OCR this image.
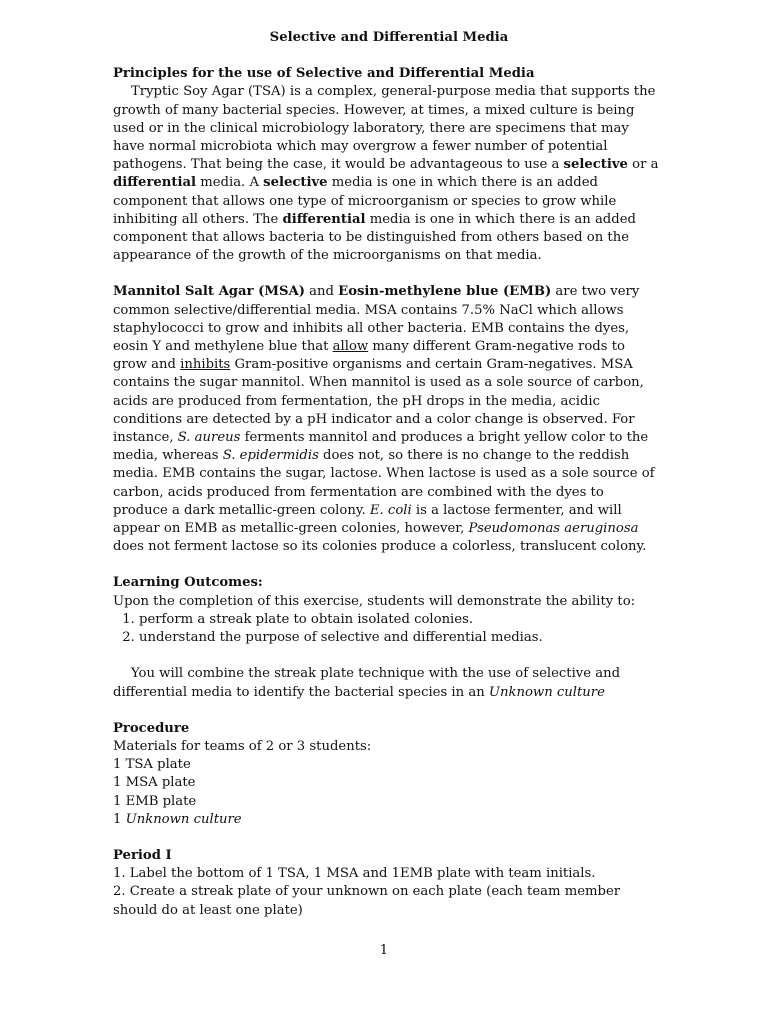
Selective and Differential Media

Principles for the use of Selective and Differential Media

Tryptic Soy Agar (TSA) is a complex, general-purpose media that supports the growth of many bacterial species. However, at times, a mixed culture is being used or in the clinical microbiology laboratory, there are specimens that may have normal microbiota which may overgrow a fewer number of potential pathogens. That being the case, it would be advantageous to use a selective or a differential media. A selective media is one in which there is an added component that allows one type of microorganism or species to grow while inhibiting all others. The differential media is one in which there is an added component that allows bacteria to be distinguished from others based on the appearance of the growth of the microorganisms on that media.

Mannitol Salt Agar (MSA) and Eosin-methylene blue (EMB) are two very common selective/differential media. MSA contains 7.5% NaCl which allows staphylococci to grow and inhibits all other bacteria. EMB contains the dyes, eosin Y and methylene blue that allow many different Gram-negative rods to grow and inhibits Gram-positive organisms and certain Gram-negatives. MSA contains the sugar mannitol. When mannitol is used as a sole source of carbon, acids are produced from fermentation, the pH drops in the media, acidic conditions are detected by a pH indicator and a color change is observed. For instance, S. aureus ferments mannitol and produces a bright yellow color to the media, whereas S. epidermidis does not, so there is no change to the reddish media. EMB contains the sugar, lactose. When lactose is used as a sole source of carbon, acids produced from fermentation are combined with the dyes to produce a dark metallic-green colony. E. coli is a lactose fermenter, and will appear on EMB as metallic-green colonies, however, Pseudomonas aeruginosa does not ferment lactose so its colonies produce a colorless, translucent colony.

Learning Outcomes:

Upon the completion of this exercise, students will demonstrate the ability to:

1. perform a streak plate to obtain isolated colonies.
2. understand the purpose of selective and differential medias.

You will combine the streak plate technique with the use of selective and differential media to identify the bacterial species in an Unknown culture

Procedure

Materials for teams of 2 or 3 students:

1 TSA plate

1 MSA plate

1 EMB plate

1 Unknown culture

Period I

1. Label the bottom of 1 TSA, 1 MSA and 1EMB plate with team initials.

2. Create a streak plate of your unknown on each plate (each team member should do at least one plate)

1
